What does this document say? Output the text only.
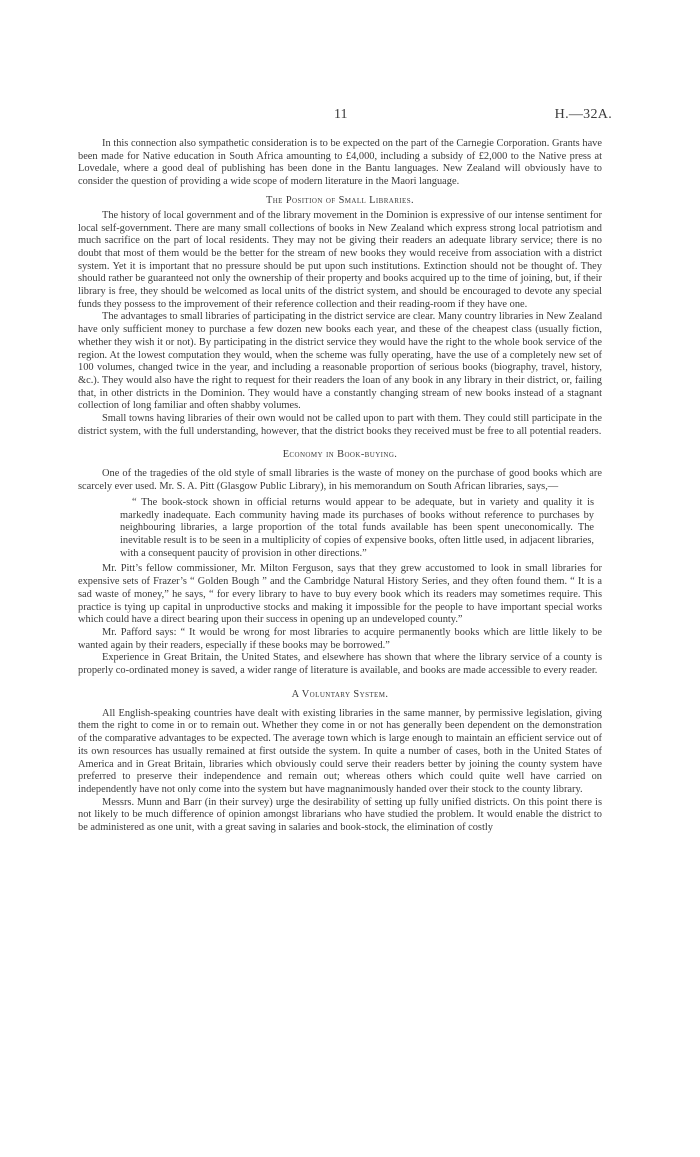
11	H.—32A.

In this connection also sympathetic consideration is to be expected on the part of the Carnegie Corporation. Grants have been made for Native education in South Africa amounting to £4,000, including a subsidy of £2,000 to the Native press at Lovedale, where a good deal of publishing has been done in the Bantu languages. New Zealand will obviously have to consider the question of providing a wide scope of modern literature in the Maori language.

The Position of Small Libraries.

The history of local government and of the library movement in the Dominion is expressive of our intense sentiment for local self-government. There are many small collections of books in New Zealand which express strong local patriotism and much sacrifice on the part of local residents. They may not be giving their readers an adequate library service; there is no doubt that most of them would be the better for the stream of new books they would receive from association with a district system. Yet it is important that no pressure should be put upon such institutions. Extinction should not be thought of. They should rather be guaranteed not only the ownership of their property and books acquired up to the time of joining, but, if their library is free, they should be welcomed as local units of the district system, and should be encouraged to devote any special funds they possess to the improvement of their reference collection and their reading-room if they have one.

The advantages to small libraries of participating in the district service are clear. Many country libraries in New Zealand have only sufficient money to purchase a few dozen new books each year, and these of the cheapest class (usually fiction, whether they wish it or not). By participating in the district service they would have the right to the whole book service of the region. At the lowest computation they would, when the scheme was fully operating, have the use of a completely new set of 100 volumes, changed twice in the year, and including a reasonable proportion of serious books (biography, travel, history, &c.). They would also have the right to request for their readers the loan of any book in any library in their district, or, failing that, in other districts in the Dominion. They would have a constantly changing stream of new books instead of a stagnant collection of long familiar and often shabby volumes.

Small towns having libraries of their own would not be called upon to part with them. They could still participate in the district system, with the full understanding, however, that the district books they received must be free to all potential readers.

Economy in Book-buying.

One of the tragedies of the old style of small libraries is the waste of money on the purchase of good books which are scarcely ever used. Mr. S. A. Pitt (Glasgow Public Library), in his memorandum on South African libraries, says,—

“ The book-stock shown in official returns would appear to be adequate, but in variety and quality it is markedly inadequate. Each community having made its purchases of books without reference to purchases by neighbouring libraries, a large proportion of the total funds available has been spent uneconomically. The inevitable result is to be seen in a multiplicity of copies of expensive books, often little used, in adjacent libraries, with a consequent paucity of provision in other directions.”

Mr. Pitt’s fellow commissioner, Mr. Milton Ferguson, says that they grew accustomed to look in small libraries for expensive sets of Frazer’s “ Golden Bough ” and the Cambridge Natural History Series, and they often found them. “ It is a sad waste of money,” he says, “ for every library to have to buy every book which its readers may sometimes require. This practice is tying up capital in unproductive stocks and making it impossible for the people to have important special works which could have a direct bearing upon their success in opening up an undeveloped county.”

Mr. Pafford says: “ It would be wrong for most libraries to acquire permanently books which are little likely to be wanted again by their readers, especially if these books may be borrowed.”

Experience in Great Britain, the United States, and elsewhere has shown that where the library service of a county is properly co-ordinated money is saved, a wider range of literature is available, and books are made accessible to every reader.

A Voluntary System.

All English-speaking countries have dealt with existing libraries in the same manner, by permissive legislation, giving them the right to come in or to remain out. Whether they come in or not has generally been dependent on the demonstration of the comparative advantages to be expected. The average town which is large enough to maintain an efficient service out of its own resources has usually remained at first outside the system. In quite a number of cases, both in the United States of America and in Great Britain, libraries which obviously could serve their readers better by joining the county system have preferred to preserve their independence and remain out; whereas others which could quite well have carried on independently have not only come into the system but have magnanimously handed over their stock to the county library.

Messrs. Munn and Barr (in their survey) urge the desirability of setting up fully unified districts. On this point there is not likely to be much difference of opinion amongst librarians who have studied the problem. It would enable the district to be administered as one unit, with a great saving in salaries and book-stock, the elimination of costly
